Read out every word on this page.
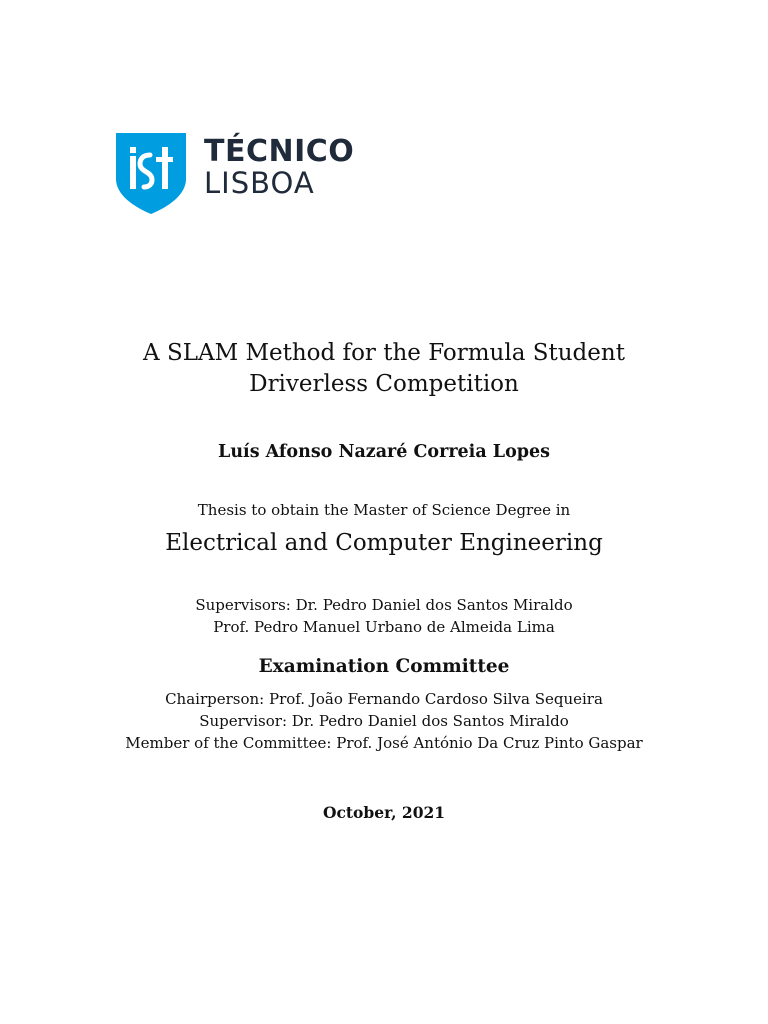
TÉCNICO
LISBOA
A SLAM Method for the Formula Student
Driverless Competition
Luís Afonso Nazaré Correia Lopes
Thesis to obtain the Master of Science Degree in
Electrical and Computer Engineering
Supervisors: Dr. Pedro Daniel dos Santos Miraldo
Prof. Pedro Manuel Urbano de Almeida Lima
Examination Committee
Chairperson: Prof. João Fernando Cardoso Silva Sequeira
Supervisor: Dr. Pedro Daniel dos Santos Miraldo
Member of the Committee: Prof. José António Da Cruz Pinto Gaspar
October, 2021
